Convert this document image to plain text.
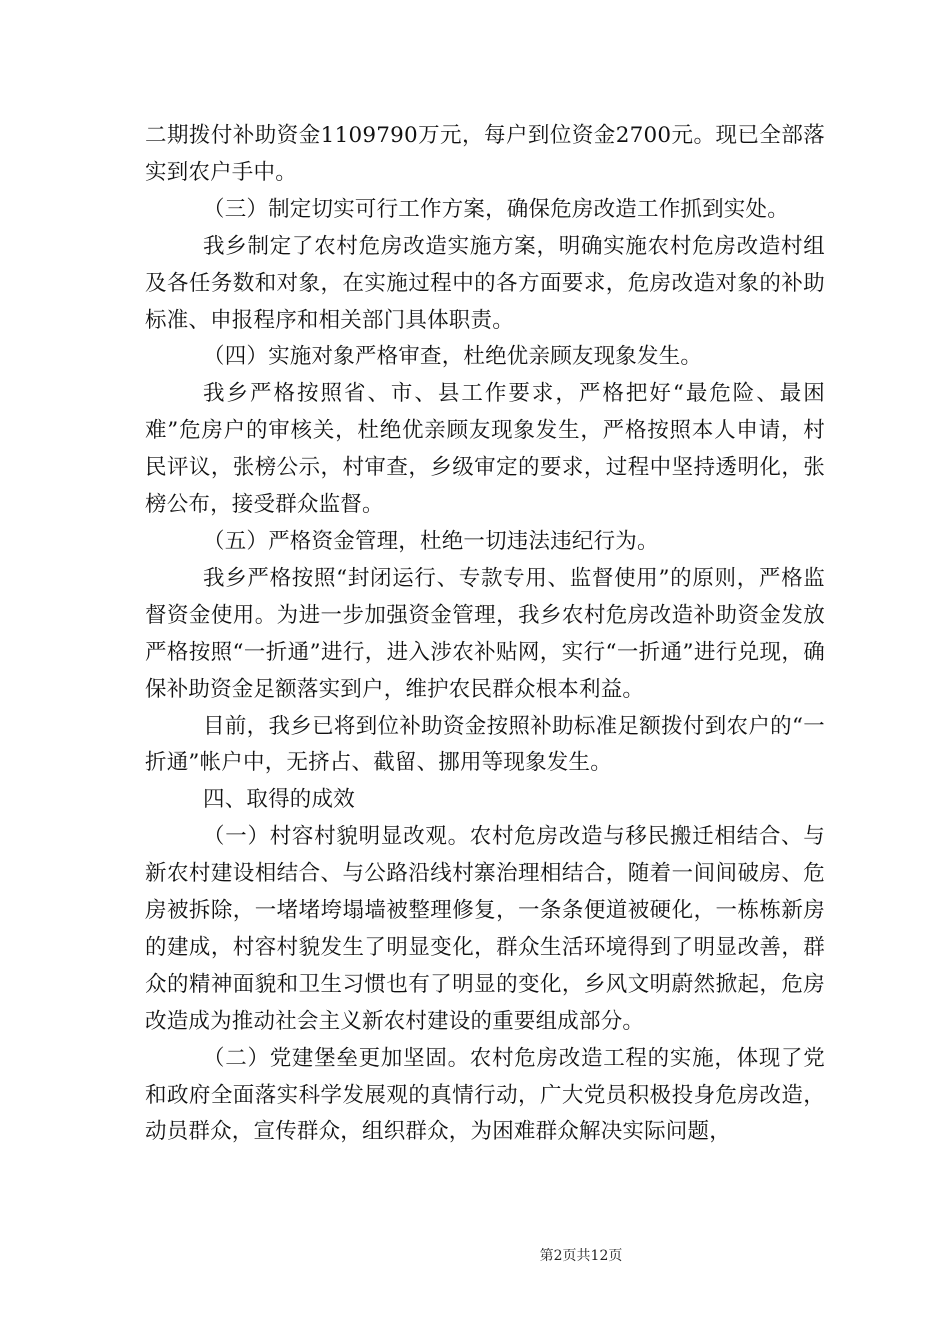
二期拨付补助资金1109790万元，每户到位资金2700元。现已全部落实到农户手中。

（三）制定切实可行工作方案，确保危房改造工作抓到实处。

我乡制定了农村危房改造实施方案，明确实施农村危房改造村组及各任务数和对象，在实施过程中的各方面要求，危房改造对象的补助标准、申报程序和相关部门具体职责。

（四）实施对象严格审查，杜绝优亲顾友现象发生。

我乡严格按照省、市、县工作要求，严格把好“最危险、最困难”危房户的审核关，杜绝优亲顾友现象发生，严格按照本人申请，村民评议，张榜公示，村审查，乡级审定的要求，过程中坚持透明化，张榜公布，接受群众监督。

（五）严格资金管理，杜绝一切违法违纪行为。

我乡严格按照“封闭运行、专款专用、监督使用”的原则，严格监督资金使用。为进一步加强资金管理，我乡农村危房改造补助资金发放严格按照“一折通”进行，进入涉农补贴网，实行“一折通”进行兑现，确保补助资金足额落实到户，维护农民群众根本利益。

目前，我乡已将到位补助资金按照补助标准足额拨付到农户的“一折通”帐户中，无挤占、截留、挪用等现象发生。

四、取得的成效

（一）村容村貌明显改观。农村危房改造与移民搬迁相结合、与新农村建设相结合、与公路沿线村寨治理相结合，随着一间间破房、危房被拆除，一堵堵垮塌墙被整理修复，一条条便道被硬化，一栋栋新房的建成，村容村貌发生了明显变化，群众生活环境得到了明显改善，群众的精神面貌和卫生习惯也有了明显的变化，乡风文明蔚然掀起，危房改造成为推动社会主义新农村建设的重要组成部分。

（二）党建堡垒更加坚固。农村危房改造工程的实施，体现了党和政府全面落实科学发展观的真情行动，广大党员积极投身危房改造，动员群众，宣传群众，组织群众，为困难群众解决实际问题，

第2页共12页
